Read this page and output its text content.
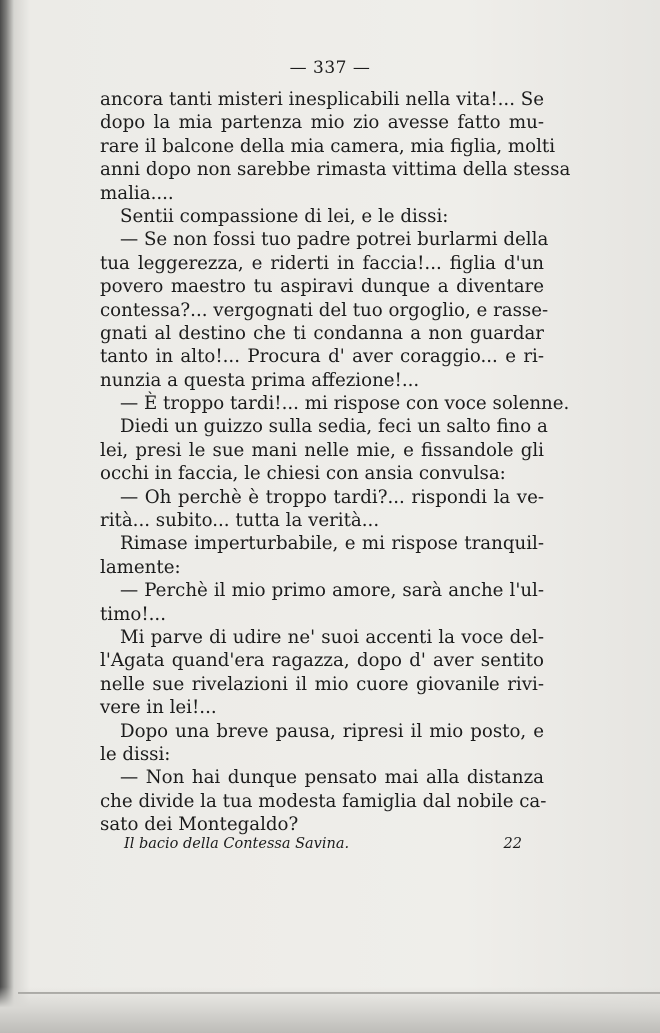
— 337 —
ancora tanti misteri inesplicabili nella vita!... Se
dopo la mia partenza mio zio avesse fatto mu-
rare il balcone della mia camera, mia figlia, molti
anni dopo non sarebbe rimasta vittima della stessa
malia....
Sentii compassione di lei, e le dissi:
— Se non fossi tuo padre potrei burlarmi della
tua leggerezza, e riderti in faccia!... figlia d'un
povero maestro tu aspiravi dunque a diventare
contessa?... vergognati del tuo orgoglio, e rasse-
gnati al destino che ti condanna a non guardar
tanto in alto!... Procura d' aver coraggio... e ri-
nunzia a questa prima affezione!...
— È troppo tardi!... mi rispose con voce solenne.
Diedi un guizzo sulla sedia, feci un salto fino a
lei, presi le sue mani nelle mie, e fissandole gli
occhi in faccia, le chiesi con ansia convulsa:
— Oh perchè è troppo tardi?... rispondi la ve-
rità... subito... tutta la verità...
Rimase imperturbabile, e mi rispose tranquil-
lamente:
— Perchè il mio primo amore, sarà anche l'ul-
timo!...
Mi parve di udire ne' suoi accenti la voce del-
l'Agata quand'era ragazza, dopo d' aver sentito
nelle sue rivelazioni il mio cuore giovanile rivi-
vere in lei!...
Dopo una breve pausa, ripresi il mio posto, e
le dissi:
— Non hai dunque pensato mai alla distanza
che divide la tua modesta famiglia dal nobile ca-
sato dei Montegaldo?
Il bacio della Contessa Savina.	22
